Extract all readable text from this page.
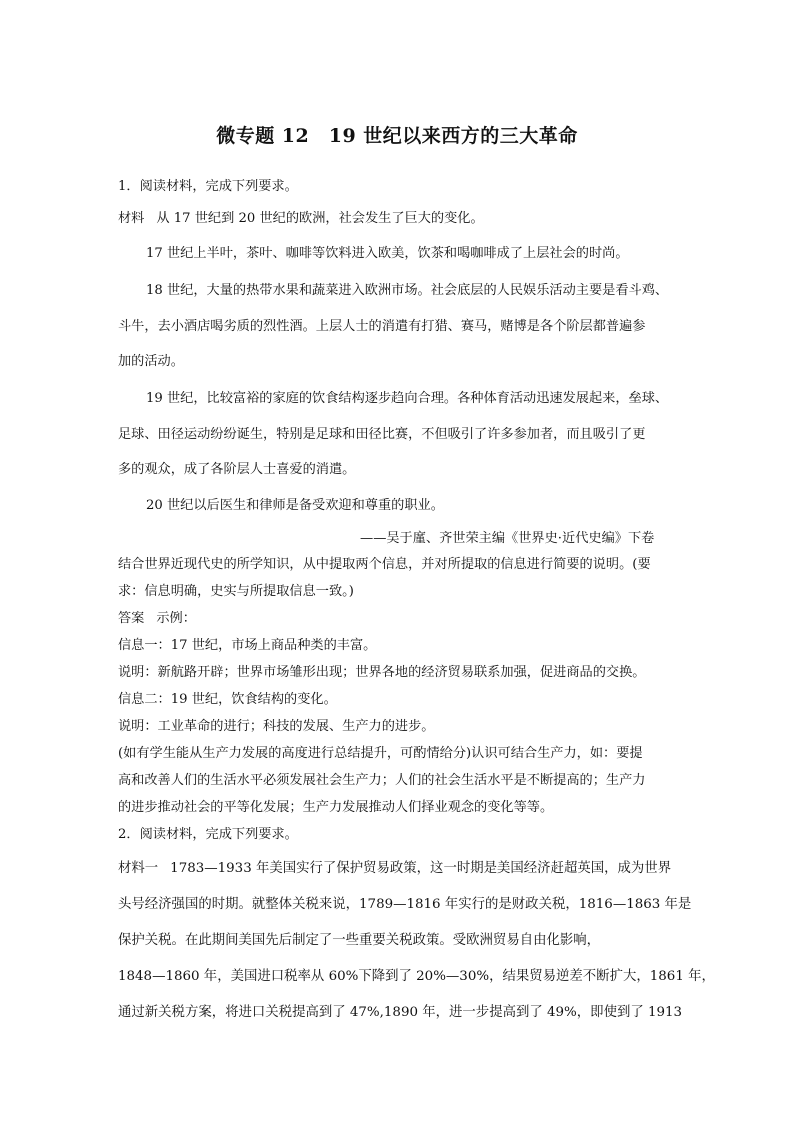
微专题 12　19 世纪以来西方的三大革命
1．阅读材料，完成下列要求。
材料 从 17 世纪到 20 世纪的欧洲，社会发生了巨大的变化。
17 世纪上半叶，茶叶、咖啡等饮料进入欧美，饮茶和喝咖啡成了上层社会的时尚。
18 世纪，大量的热带水果和蔬菜进入欧洲市场。社会底层的人民娱乐活动主要是看斗鸡、
斗牛，去小酒店喝劣质的烈性酒。上层人士的消遣有打猎、赛马，赌博是各个阶层都普遍参
加的活动。
19 世纪，比较富裕的家庭的饮食结构逐步趋向合理。各种体育活动迅速发展起来，垒球、
足球、田径运动纷纷诞生，特别是足球和田径比赛，不但吸引了许多参加者，而且吸引了更
多的观众，成了各阶层人士喜爱的消遣。
20 世纪以后医生和律师是备受欢迎和尊重的职业。
——吴于廑、齐世荣主编《世界史·近代史编》下卷
结合世界近现代史的所学知识，从中提取两个信息，并对所提取的信息进行简要的说明。(要
求：信息明确，史实与所提取信息一致。)
答案 示例：
信息一：17 世纪，市场上商品种类的丰富。
说明：新航路开辟；世界市场雏形出现；世界各地的经济贸易联系加强，促进商品的交换。
信息二：19 世纪，饮食结构的变化。
说明：工业革命的进行；科技的发展、生产力的进步。
(如有学生能从生产力发展的高度进行总结提升，可酌情给分)认识可结合生产力，如：要提
高和改善人们的生活水平必须发展社会生产力；人们的社会生活水平是不断提高的；生产力
的进步推动社会的平等化发展；生产力发展推动人们择业观念的变化等等。
2．阅读材料，完成下列要求。
材料一 1783—1933 年美国实行了保护贸易政策，这一时期是美国经济赶超英国，成为世界
头号经济强国的时期。就整体关税来说，1789—1816 年实行的是财政关税，1816—1863 年是
保护关税。在此期间美国先后制定了一些重要关税政策。受欧洲贸易自由化影响，
1848—1860 年，美国进口税率从 60%下降到了 20%—30%，结果贸易逆差不断扩大，1861 年，
通过新关税方案，将进口关税提高到了 47%,1890 年，进一步提高到了 49%，即使到了 1913
